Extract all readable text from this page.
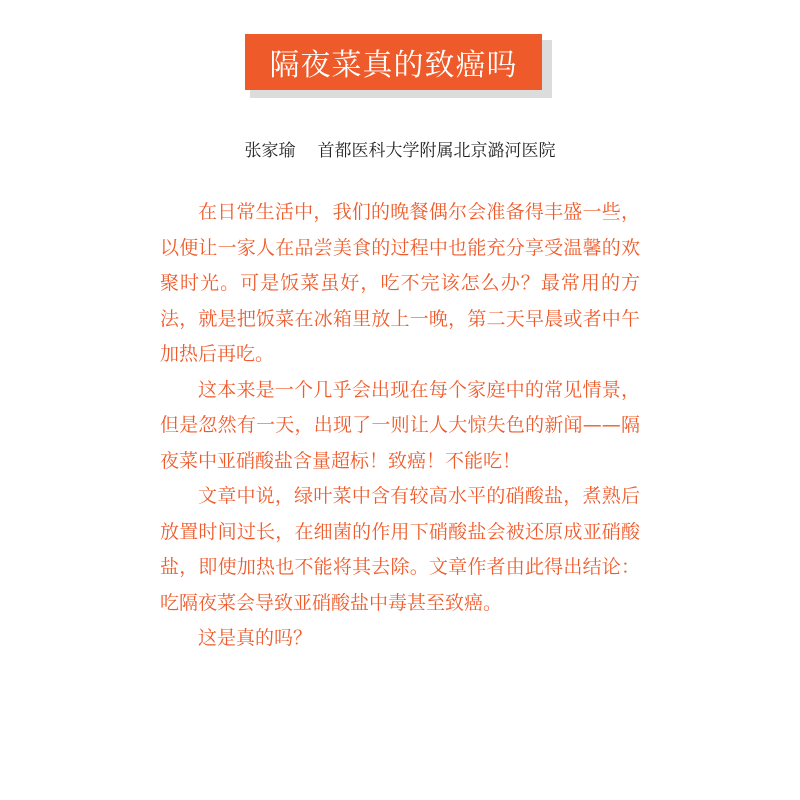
隔夜菜真的致癌吗
张家瑜 首都医科大学附属北京潞河医院

在日常生活中，我们的晚餐偶尔会准备得丰盛一些，以便让一家人在品尝美食的过程中也能充分享受温馨的欢聚时光。可是饭菜虽好，吃不完该怎么办？最常用的方法，就是把饭菜在冰箱里放上一晚，第二天早晨或者中午加热后再吃。

这本来是一个几乎会出现在每个家庭中的常见情景，但是忽然有一天，出现了一则让人大惊失色的新闻——隔夜菜中亚硝酸盐含量超标！致癌！不能吃！

文章中说，绿叶菜中含有较高水平的硝酸盐，煮熟后放置时间过长，在细菌的作用下硝酸盐会被还原成亚硝酸盐，即使加热也不能将其去除。文章作者由此得出结论：吃隔夜菜会导致亚硝酸盐中毒甚至致癌。

这是真的吗？
